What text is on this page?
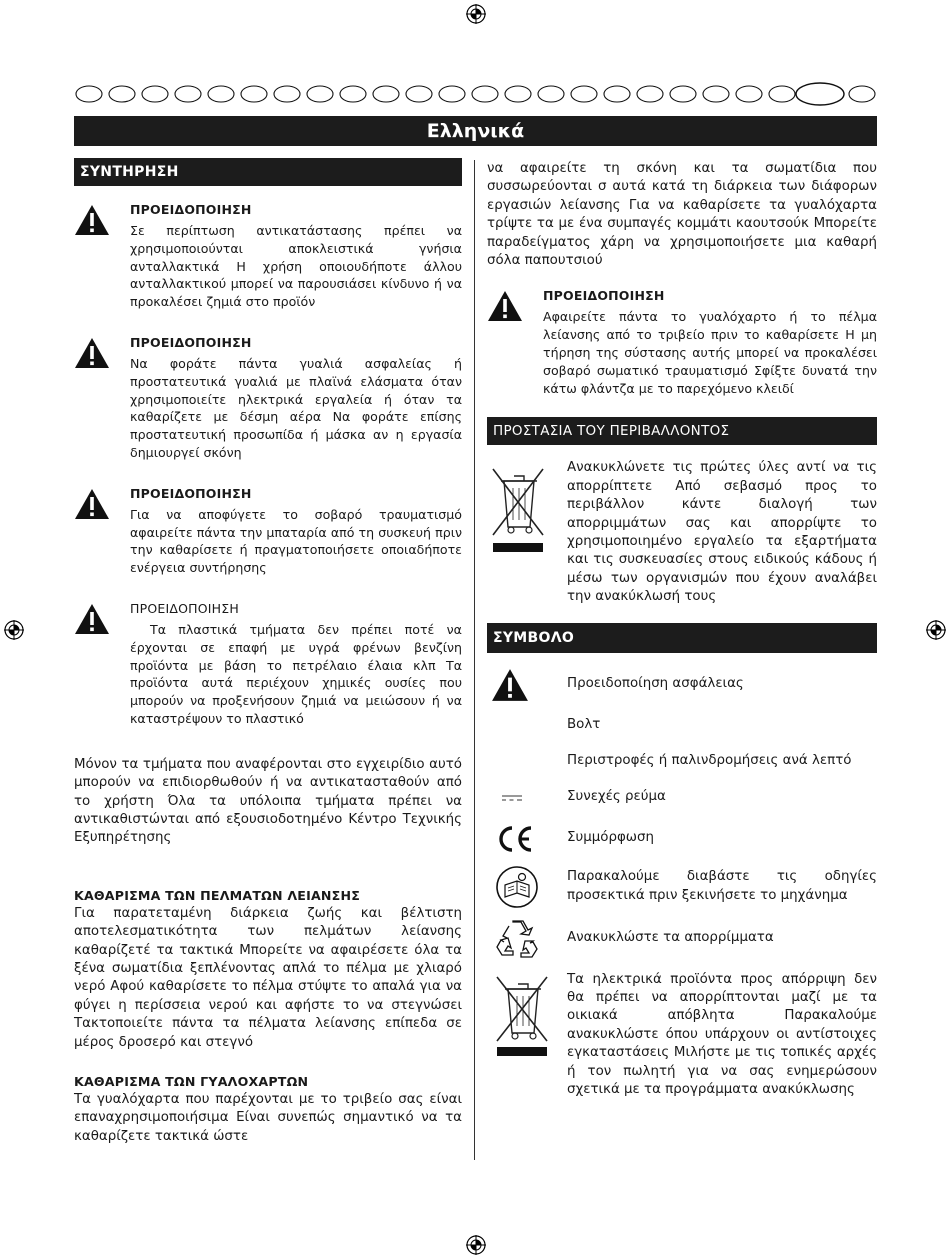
Ελληνικά
ΣΥΝΤΗΡΗΣΗ
ΠΡΟΕΙΔΟΠΟΙΗΣΗ

Σε περίπτωση αντικατάστασης πρέπει να χρησιμοποιούνται αποκλειστικά γνήσια ανταλλακτικά Η χρήση οποιουδήποτε άλλου ανταλλακτικού μπορεί να παρουσιάσει κίνδυνο ή να προκαλέσει ζημιά στο προϊόν

ΠΡΟΕΙΔΟΠΟΙΗΣΗ

Να φοράτε πάντα γυαλιά ασφαλείας ή προστατευτικά γυαλιά με πλαϊνά ελάσματα όταν χρησιμοποιείτε ηλεκτρικά εργαλεία ή όταν τα καθαρίζετε με δέσμη αέρα Να φοράτε επίσης προστατευτική προσωπίδα ή μάσκα αν η εργασία δημιουργεί σκόνη

ΠΡΟΕΙΔΟΠΟΙΗΣΗ

Για να αποφύγετε το σοβαρό τραυματισμό αφαιρείτε πάντα την μπαταρία από τη συσκευή πριν την καθαρίσετε ή πραγματοποιήσετε οποιαδήποτε ενέργεια συντήρησης

ΠΡΟΕΙΔΟΠΟΙΗΣΗ

Τα πλαστικά τμήματα δεν πρέπει ποτέ να έρχονται σε επαφή με υγρά φρένων βενζίνη προϊόντα με βάση το πετρέλαιο έλαια κλπ Τα προϊόντα αυτά περιέχουν χημικές ουσίες που μπορούν να προξενήσουν ζημιά να μειώσουν ή να καταστρέψουν το πλαστικό

Μόνον τα τμήματα που αναφέρονται στο εγχειρίδιο αυτό μπορούν να επιδιορθωθούν ή να αντικατασταθούν από το χρήστη Όλα τα υπόλοιπα τμήματα πρέπει να αντικαθιστώνται από εξουσιοδοτημένο Κέντρο Τεχνικής Εξυπηρέτησης

ΚΑΘΑΡΙΣΜΑ ΤΩΝ ΠΕΛΜΑΤΩΝ ΛΕΙΑΝΣΗΣ

Για παρατεταμένη διάρκεια ζωής και βέλτιστη αποτελεσματικότητα των πελμάτων λείανσης καθαρίζετέ τα τακτικά Μπορείτε να αφαιρέσετε όλα τα ξένα σωματίδια ξεπλένοντας απλά το πέλμα με χλιαρό νερό Αφού καθαρίσετε το πέλμα στύψτε το απαλά για να φύγει η περίσσεια νερού και αφήστε το να στεγνώσει Τακτοποιείτε πάντα τα πέλματα λείανσης επίπεδα σε μέρος δροσερό και στεγνό

ΚΑΘΑΡΙΣΜΑ ΤΩΝ ΓΥΑΛΟΧΑΡΤΩΝ

Τα γυαλόχαρτα που παρέχονται με το τριβείο σας είναι επαναχρησιμοποιήσιμα Είναι συνεπώς σημαντικό να τα καθαρίζετε τακτικά ώστε

να αφαιρείτε τη σκόνη και τα σωματίδια που συσσωρεύονται σ αυτά κατά τη διάρκεια των διάφορων εργασιών λείανσης Για να καθαρίσετε τα γυαλόχαρτα τρίψτε τα με ένα συμπαγές κομμάτι καουτσούκ Μπορείτε παραδείγματος χάρη να χρησιμοποιήσετε μια καθαρή σόλα παπουτσιού

ΠΡΟΕΙΔΟΠΟΙΗΣΗ

Αφαιρείτε πάντα το γυαλόχαρτο ή το πέλμα λείανσης από το τριβείο πριν το καθαρίσετε Η μη τήρηση της σύστασης αυτής μπορεί να προκαλέσει σοβαρό σωματικό τραυματισμό Σφίξτε δυνατά την κάτω φλάντζα με το παρεχόμενο κλειδί

ΠΡΟΣΤΑΣΙΑ ΤΟΥ ΠΕΡΙΒΑΛΛΟΝΤΟΣ

Ανακυκλώνετε τις πρώτες ύλες αντί να τις απορρίπτετε Από σεβασμό προς το περιβάλλον κάντε διαλογή των απορριμμάτων σας και απορρίψτε το χρησιμοποιημένο εργαλείο τα εξαρτήματα και τις συσκευασίες στους ειδικούς κάδους ή μέσω των οργανισμών που έχουν αναλάβει την ανακύκλωσή τους

ΣΥΜΒΟΛΟ
Προειδοποίηση ασφάλειας
Βολτ
Περιστροφές ή παλινδρομήσεις ανά λεπτό
Συνεχές ρεύμα
Συμμόρφωση
Παρακαλούμε διαβάστε τις οδηγίες προσεκτικά πριν ξεκινήσετε το μηχάνημα
Ανακυκλώστε τα απορρίμματα
Τα ηλεκτρικά προϊόντα προς απόρριψη δεν θα πρέπει να απορρίπτονται μαζί με τα οικιακά απόβλητα Παρακαλούμε ανακυκλώστε όπου υπάρχουν οι αντίστοιχες εγκαταστάσεις Μιλήστε με τις τοπικές αρχές ή τον πωλητή για να σας ενημερώσουν σχετικά με τα προγράμματα ανακύκλωσης
